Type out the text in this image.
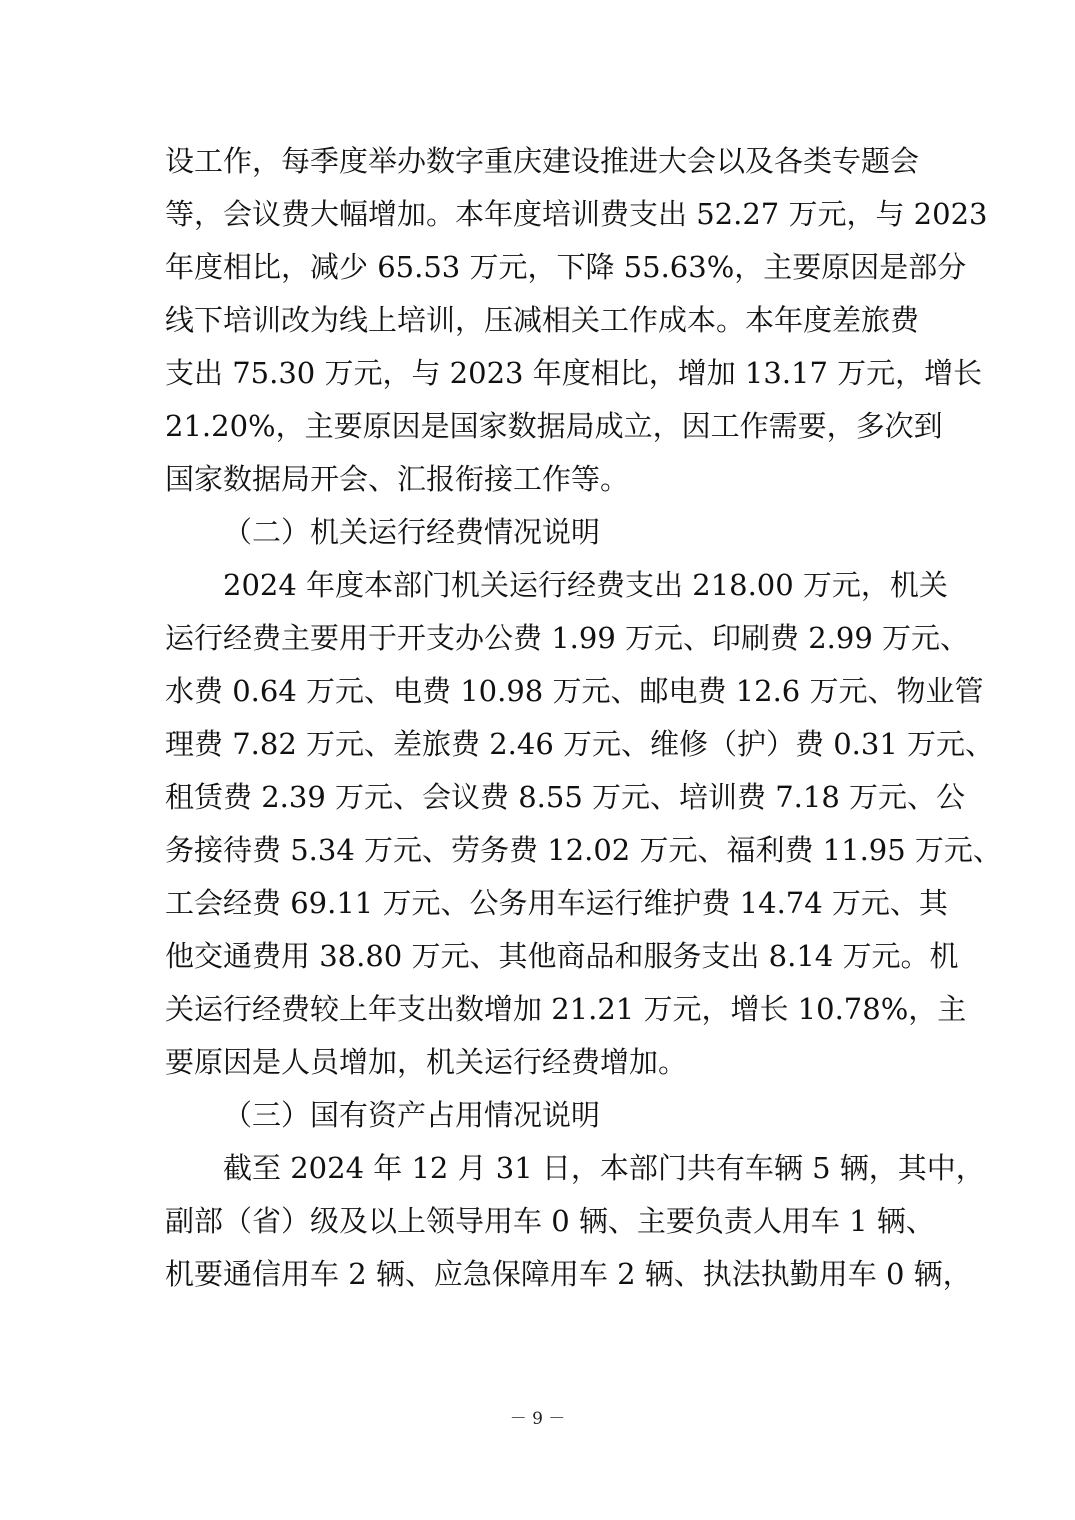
设工作，每季度举办数字重庆建设推进大会以及各类专题会
等，会议费大幅增加。本年度培训费支出 52.27 万元，与 2023
年度相比，减少 65.53 万元，下降 55.63%，主要原因是部分
线下培训改为线上培训，压减相关工作成本。本年度差旅费
支出 75.30 万元，与 2023 年度相比，增加 13.17 万元，增长
21.20%，主要原因是国家数据局成立，因工作需要，多次到
国家数据局开会、汇报衔接工作等。
（二）机关运行经费情况说明
2024 年度本部门机关运行经费支出 218.00 万元，机关
运行经费主要用于开支办公费 1.99 万元、印刷费 2.99 万元、
水费 0.64 万元、电费 10.98 万元、邮电费 12.6 万元、物业管
理费 7.82 万元、差旅费 2.46 万元、维修（护）费 0.31 万元、
租赁费 2.39 万元、会议费 8.55 万元、培训费 7.18 万元、公
务接待费 5.34 万元、劳务费 12.02 万元、福利费 11.95 万元、
工会经费 69.11 万元、公务用车运行维护费 14.74 万元、其
他交通费用 38.80 万元、其他商品和服务支出 8.14 万元。机
关运行经费较上年支出数增加 21.21 万元，增长 10.78%，主
要原因是人员增加，机关运行经费增加。
（三）国有资产占用情况说明
截至 2024 年 12 月 31 日，本部门共有车辆 5 辆，其中，
副部（省）级及以上领导用车 0 辆、主要负责人用车 1 辆、
机要通信用车 2 辆、应急保障用车 2 辆、执法执勤用车 0 辆，
－ 9 －
